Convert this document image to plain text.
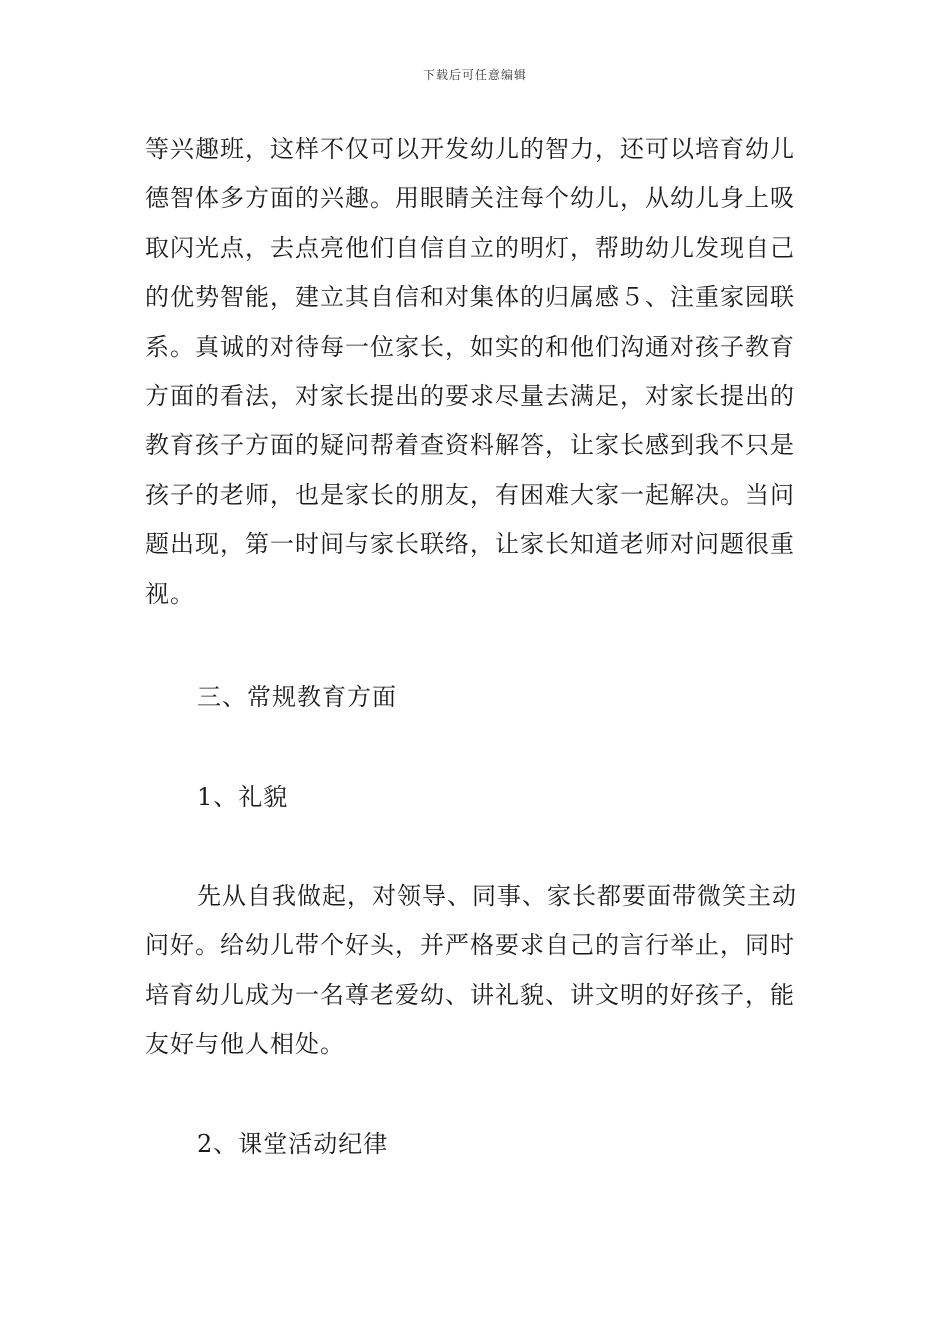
下载后可任意编辑

等兴趣班，这样不仅可以开发幼儿的智力，还可以培育幼儿德智体多方面的兴趣。用眼睛关注每个幼儿，从幼儿身上吸取闪光点，去点亮他们自信自立的明灯，帮助幼儿发现自己的优势智能，建立其自信和对集体的归属感５、注重家园联系。真诚的对待每一位家长，如实的和他们沟通对孩子教育方面的看法，对家长提出的要求尽量去满足，对家长提出的教育孩子方面的疑问帮着查资料解答，让家长感到我不只是孩子的老师，也是家长的朋友，有困难大家一起解决。当问题出现，第一时间与家长联络，让家长知道老师对问题很重视。

三、常规教育方面

1、礼貌

先从自我做起，对领导、同事、家长都要面带微笑主动问好。给幼儿带个好头，并严格要求自己的言行举止，同时培育幼儿成为一名尊老爱幼、讲礼貌、讲文明的好孩子，能友好与他人相处。

2、课堂活动纪律
